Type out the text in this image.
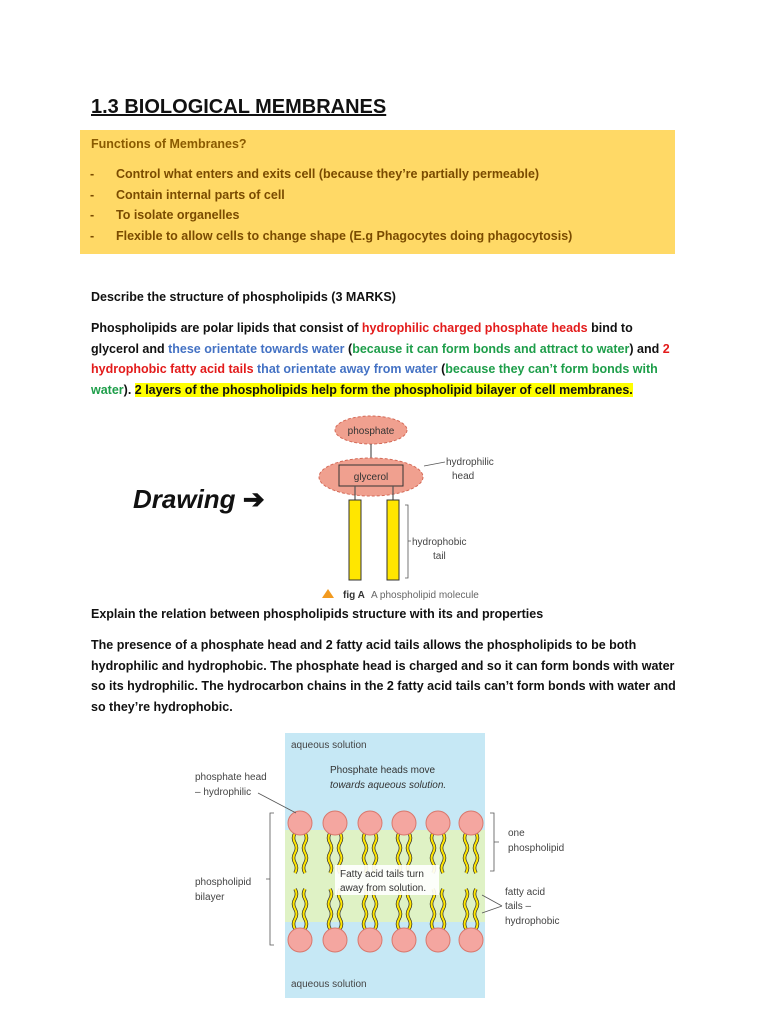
1.3 BIOLOGICAL MEMBRANES
Functions of Membranes?
-	Control what enters and exits cell (because they’re partially permeable)
-	Contain internal parts of cell
-	To isolate organelles
-	Flexible to allow cells to change shape (E.g Phagocytes doing phagocytosis)

Describe the structure of phospholipids (3 MARKS)

Phospholipids are polar lipids that consist of hydrophilic charged phosphate heads bind to glycerol and these orientate towards water (because it can form bonds and attract to water) and 2 hydrophobic fatty acid tails that orientate away from water (because they can’t form bonds with water). 2 layers of the phospholipids help form the phospholipid bilayer of cell membranes.

Drawing ➔
phosphate
glycerol
hydrophilic
head
hydrophobic
tail
fig A A phospholipid molecule

Explain the relation between phospholipids structure with its and properties

The presence of a phosphate head and 2 fatty acid tails allows the phospholipids to be both hydrophilic and hydrophobic. The phosphate head is charged and so it can form bonds with water so its hydrophilic. The hydrocarbon chains in the 2 fatty acid tails can’t form bonds with water and so they’re hydrophobic.

aqueous solution
Phosphate heads move
towards aqueous solution.
Fatty acid tails turn
away from solution.
aqueous solution
phosphate head
– hydrophilic
phospholipid
bilayer
one
phospholipid
fatty acid
tails –
hydrophobic
